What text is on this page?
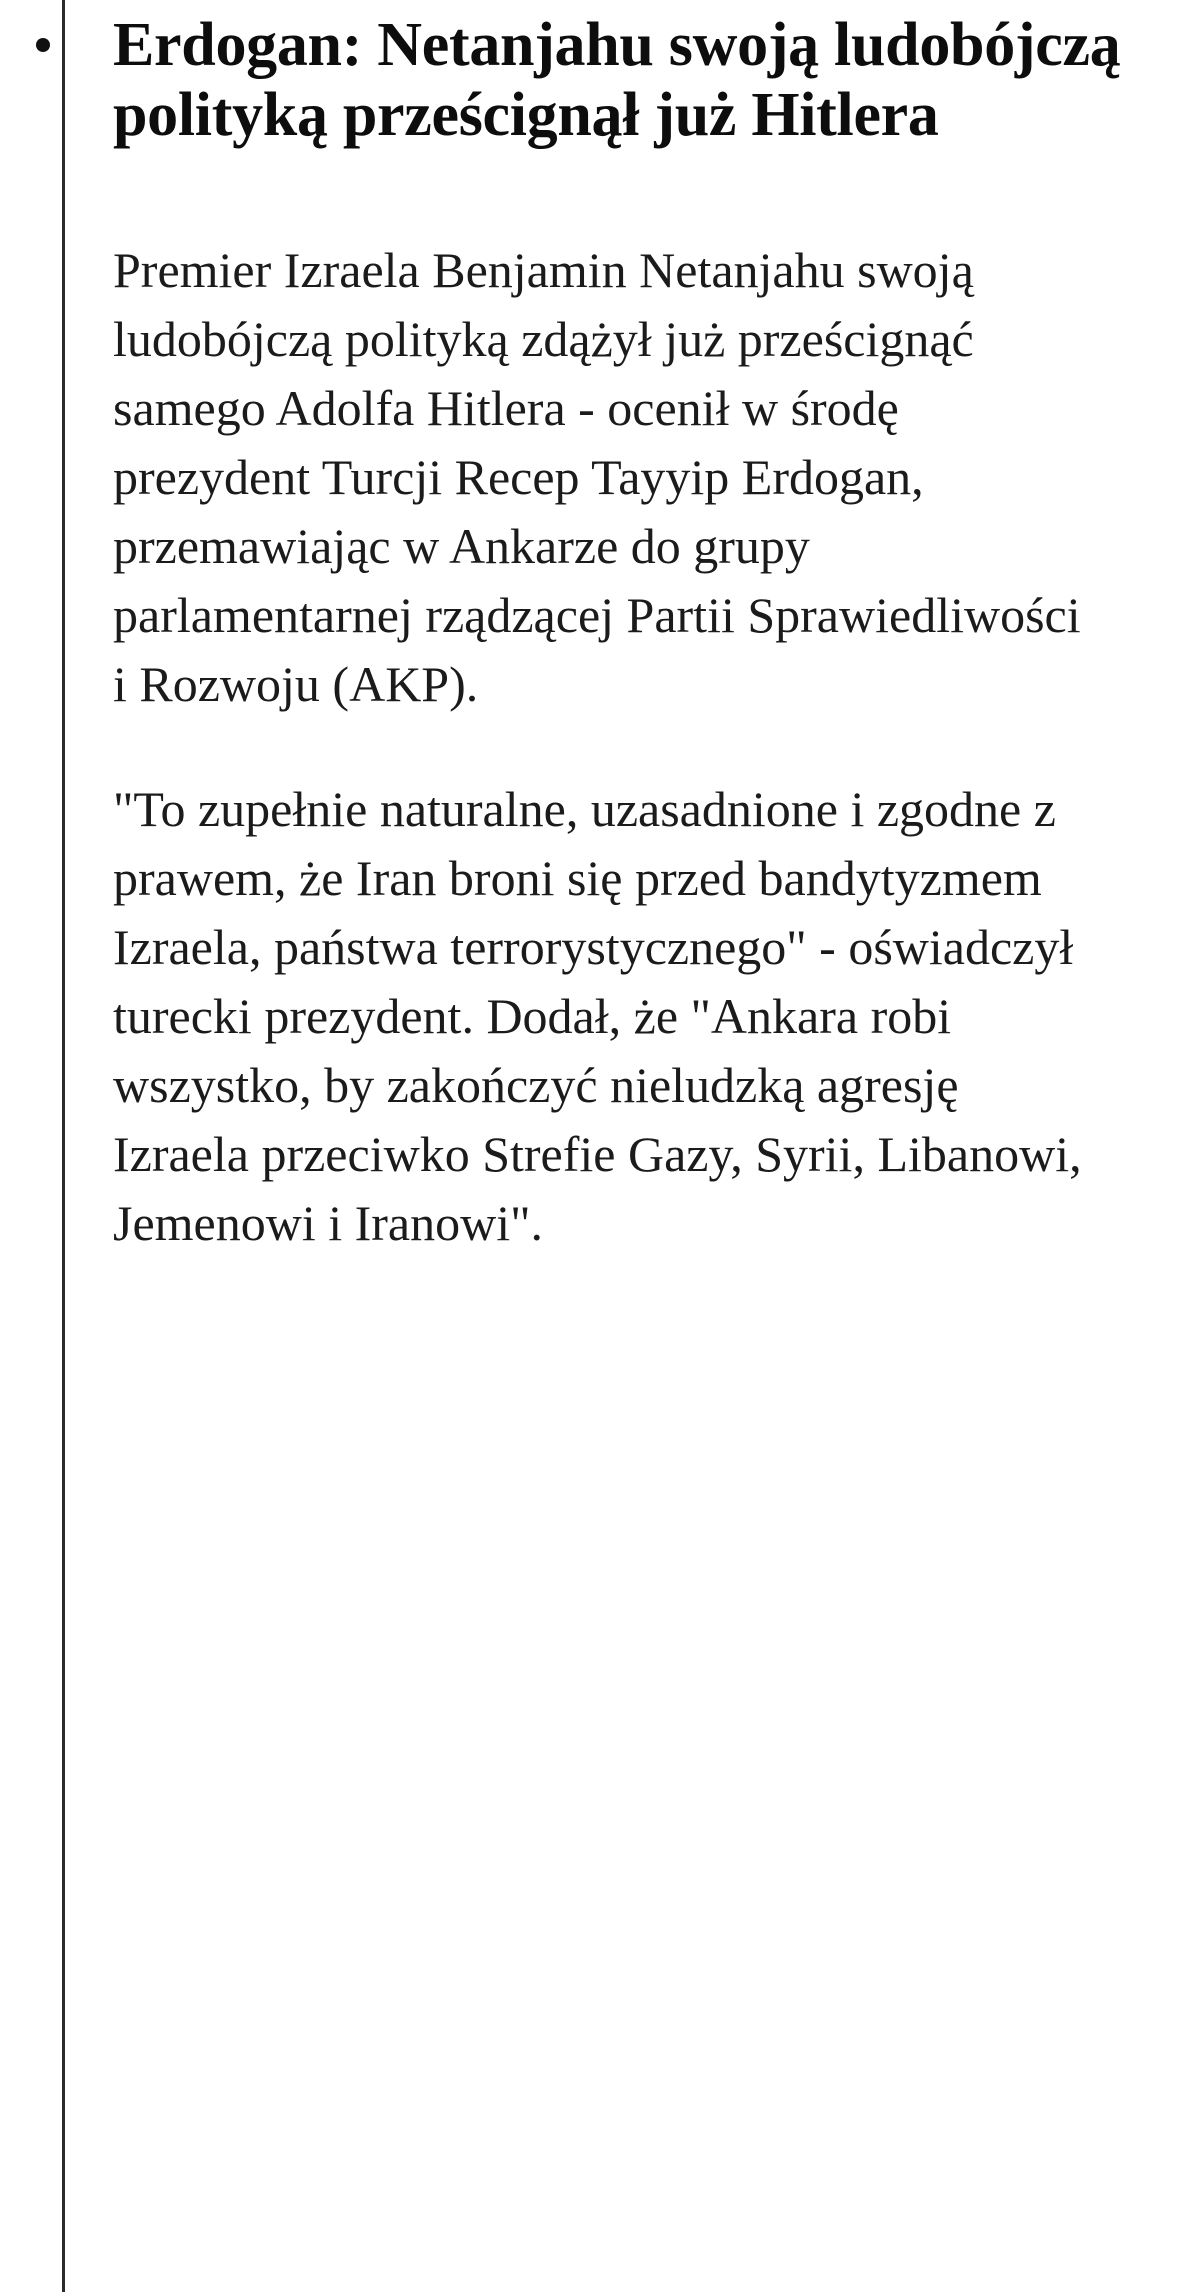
Erdogan: Netanjahu swoją ludobójczą polityką prześcignął już Hitlera

Premier Izraela Benjamin Netanjahu swoją ludobójczą polityką zdążył już prześcignąć samego Adolfa Hitlera - ocenił w środę prezydent Turcji Recep Tayyip Erdogan, przemawiając w Ankarze do grupy parlamentarnej rządzącej Partii Sprawiedliwości i Rozwoju (AKP).

"To zupełnie naturalne, uzasadnione i zgodne z prawem, że Iran broni się przed bandytyzmem Izraela, państwa terrorystycznego" - oświadczył turecki prezydent. Dodał, że "Ankara robi wszystko, by zakończyć nieludzką agresję Izraela przeciwko Strefie Gazy, Syrii, Libanowi, Jemenowi i Iranowi".
